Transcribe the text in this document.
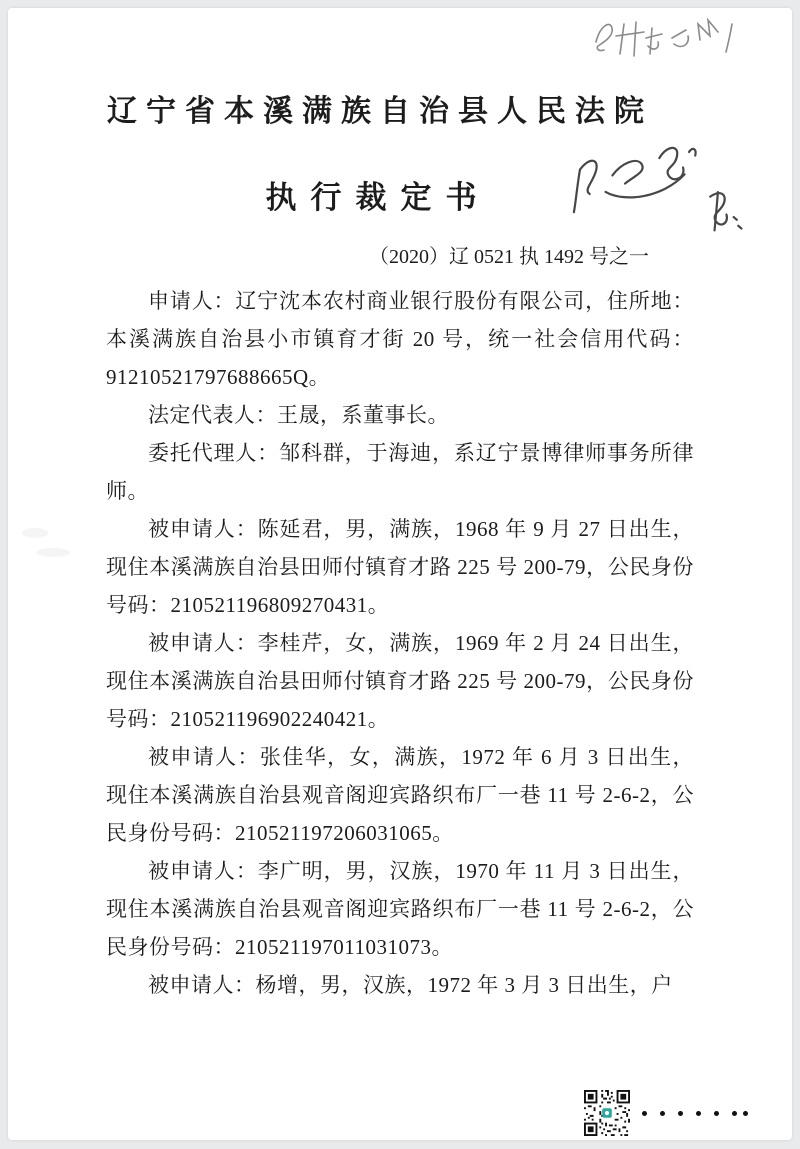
辽宁省本溪满族自治县人民法院
执行裁定书
（2020）辽 0521 执 1492 号之一

申请人：辽宁沈本农村商业银行股份有限公司，住所地：本溪满族自治县小市镇育才街 20 号，统一社会信用代码：91210521797688665Q。

法定代表人：王晟，系董事长。

委托代理人：邹科群，于海迪，系辽宁景博律师事务所律师。

被申请人：陈延君，男，满族，1968 年 9 月 27 日出生，现住本溪满族自治县田师付镇育才路 225 号 200-79，公民身份号码：210521196809270431。

被申请人：李桂芹，女，满族，1969 年 2 月 24 日出生，现住本溪满族自治县田师付镇育才路 225 号 200-79，公民身份号码：210521196902240421。

被申请人：张佳华，女，满族，1972 年 6 月 3 日出生，现住本溪满族自治县观音阁迎宾路织布厂一巷 11 号 2-6-2，公民身份号码：210521197206031065。

被申请人：李广明，男，汉族，1970 年 11 月 3 日出生，现住本溪满族自治县观音阁迎宾路织布厂一巷 11 号 2-6-2，公民身份号码：210521197011031073。

被申请人：杨增，男，汉族，1972 年 3 月 3 日出生，户
